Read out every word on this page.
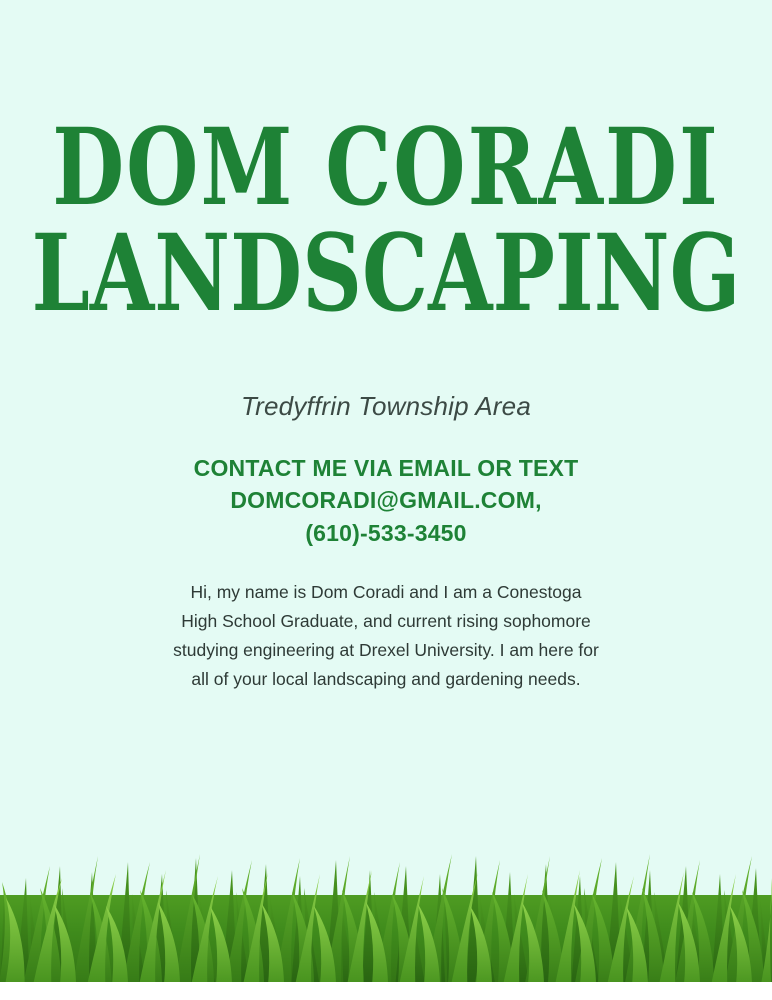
DOM CORADI
LANDSCAPING
Tredyffrin Township Area
CONTACT ME VIA EMAIL OR TEXT
DOMCORADI@GMAIL.COM,
(610)-533-3450
Hi, my name is Dom Coradi and I am a Conestoga High School Graduate, and current rising sophomore studying engineering at Drexel University. I am here for all of your local landscaping and gardening needs.
